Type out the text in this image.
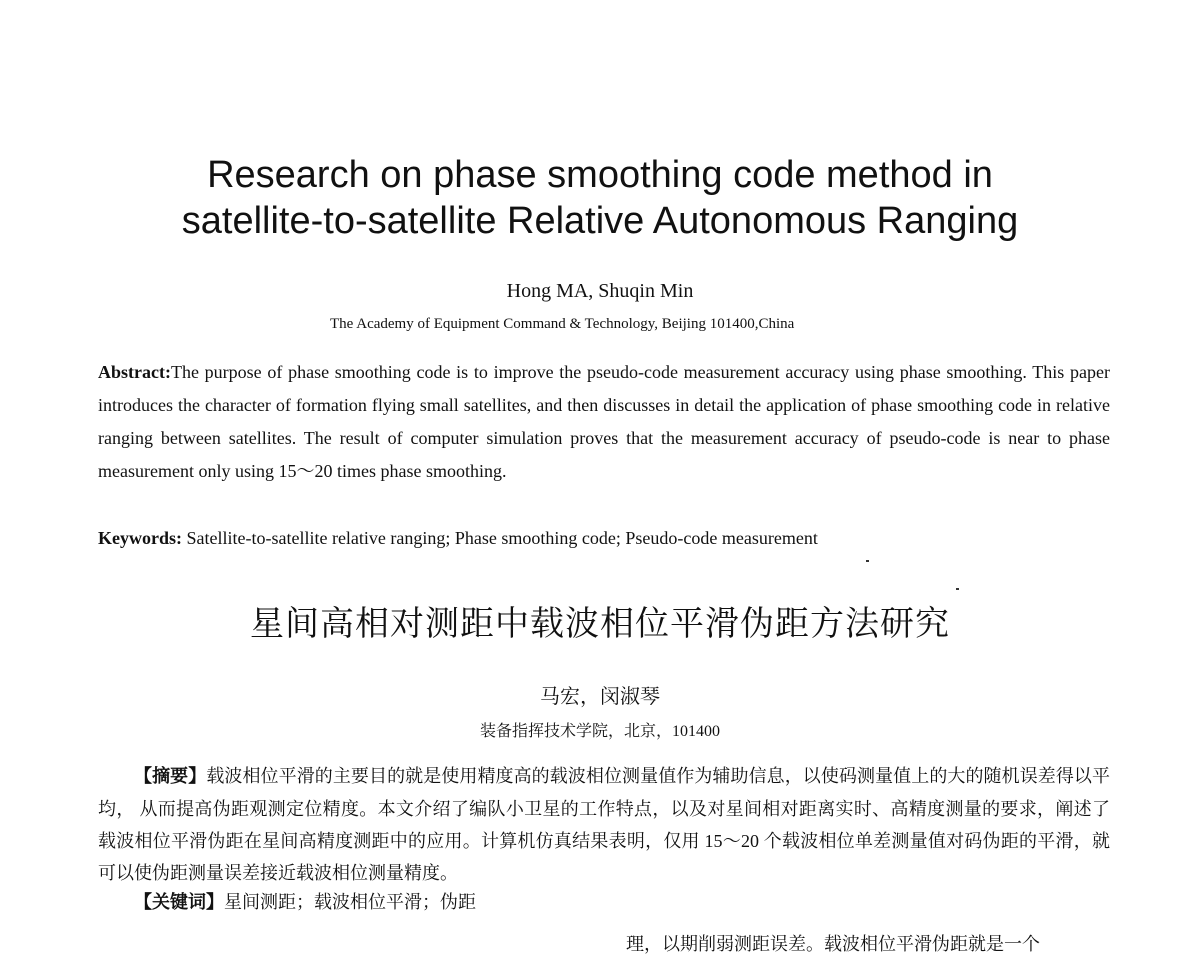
Research on phase smoothing code method in satellite-to-satellite Relative Autonomous Ranging
Hong MA, Shuqin Min
The Academy of Equipment Command & Technology, Beijing 101400,China
Abstract:The purpose of phase smoothing code is to improve the pseudo-code measurement accuracy using phase smoothing. This paper introduces the character of formation flying small satellites, and then discusses in detail the application of phase smoothing code in relative ranging between satellites. The result of computer simulation proves that the measurement accuracy of pseudo-code is near to phase measurement only using 15～20 times phase smoothing.
Keywords: Satellite-to-satellite relative ranging; Phase smoothing code; Pseudo-code measurement
星间高相对测距中载波相位平滑伪距方法研究
马宏，闵淑琴
装备指挥技术学院，北京，101400
【摘要】载波相位平滑的主要目的就是使用精度高的载波相位测量值作为辅助信息，以使码测量值上的大的随机误差得以平均， 从而提高伪距观测定位精度。本文介绍了编队小卫星的工作特点，以及对星间相对距离实时、高精度测量的要求，阐述了载波相位平滑伪距在星间高精度测距中的应用。计算机仿真结果表明，仅用 15～20 个载波相位单差测量值对码伪距的平滑，就可以使伪距测量误差接近载波相位测量精度。
【关键词】星间测距；载波相位平滑；伪距
理，以期削弱测距误差。载波相位平滑伪距就是一个
